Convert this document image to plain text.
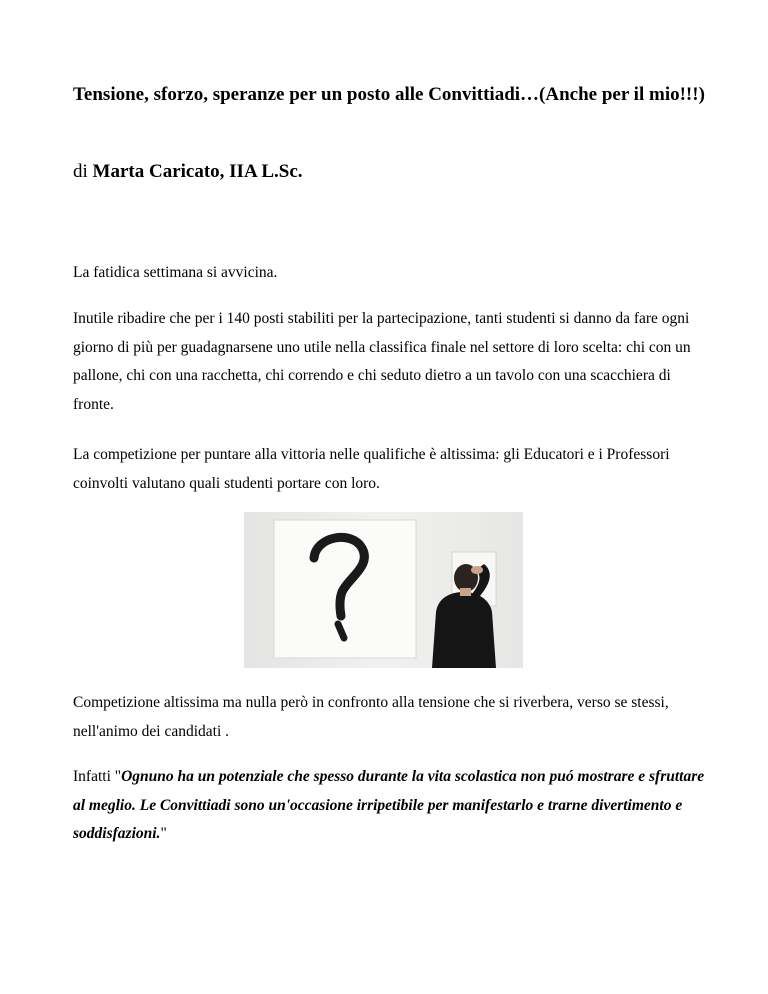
Tensione, sforzo, speranze per un posto alle Convittiadi…(Anche per il mio!!!)

di Marta Caricato, IIA L.Sc.

La fatidica settimana si avvicina.

Inutile ribadire che per i 140 posti stabiliti per la partecipazione, tanti studenti si danno da fare ogni giorno di più per guadagnarsene uno utile nella classifica finale nel settore di loro scelta: chi con un pallone, chi con una racchetta, chi correndo e chi seduto dietro a un tavolo con una scacchiera di fronte.

La competizione per puntare alla vittoria nelle qualifiche è altissima: gli Educatori e i Professori coinvolti valutano quali studenti portare con loro.

Competizione altissima ma nulla però in confronto alla tensione che si riverbera, verso se stessi, nell'animo dei candidati .

Infatti "Ognuno ha un potenziale che spesso durante la vita scolastica non puó mostrare e sfruttare al meglio. Le Convittiadi sono un'occasione irripetibile per manifestarlo e trarne divertimento e soddisfazioni."
